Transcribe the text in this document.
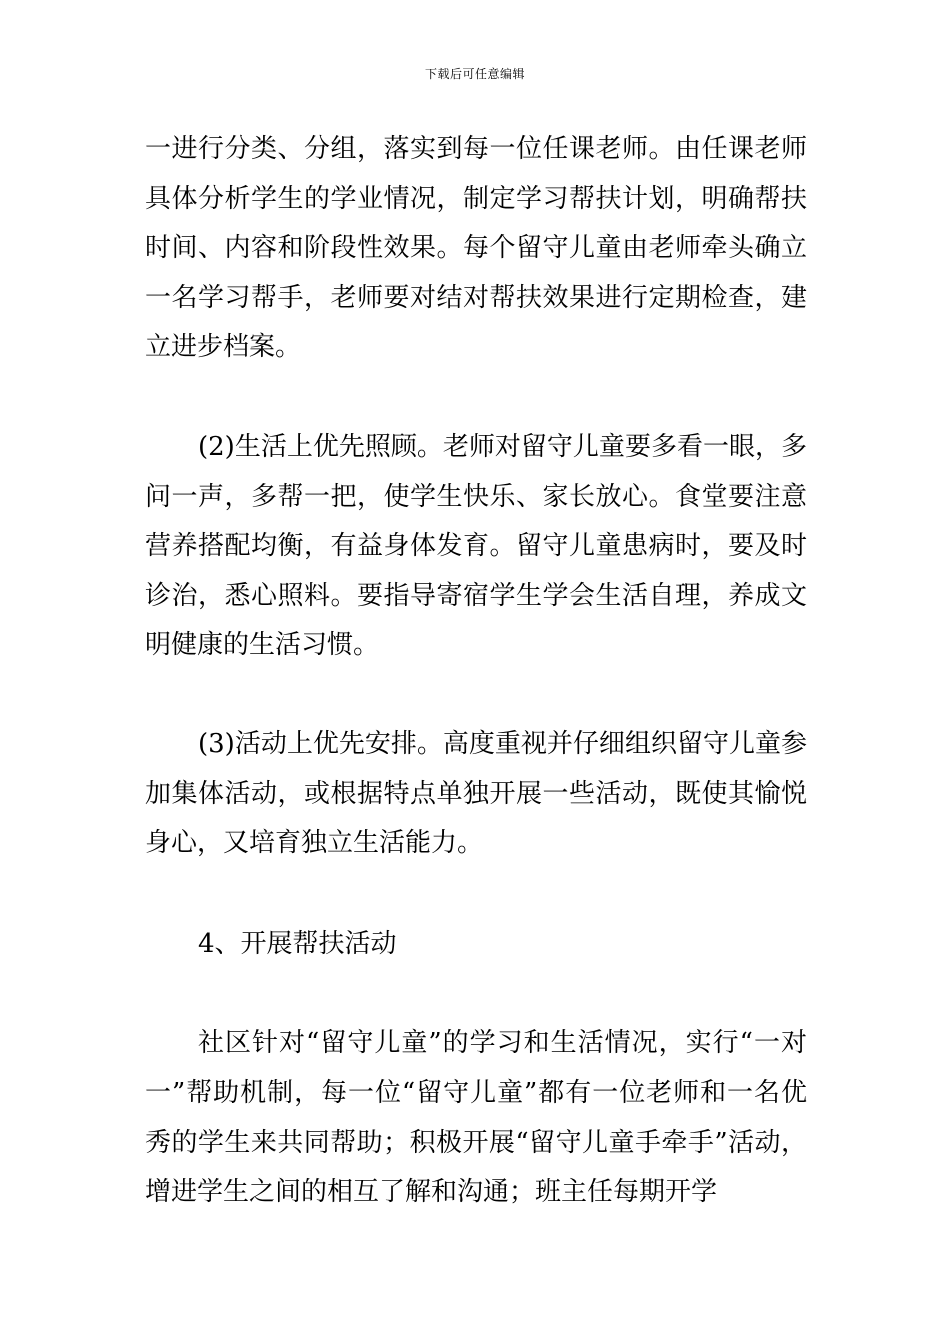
下载后可任意编辑

一进行分类、分组，落实到每一位任课老师。由任课老师具体分析学生的学业情况，制定学习帮扶计划，明确帮扶时间、内容和阶段性效果。每个留守儿童由老师牵头确立一名学习帮手，老师要对结对帮扶效果进行定期检查，建立进步档案。

(2)生活上优先照顾。老师对留守儿童要多看一眼，多问一声，多帮一把，使学生快乐、家长放心。食堂要注意营养搭配均衡，有益身体发育。留守儿童患病时，要及时诊治，悉心照料。要指导寄宿学生学会生活自理，养成文明健康的生活习惯。

(3)活动上优先安排。高度重视并仔细组织留守儿童参加集体活动，或根据特点单独开展一些活动，既使其愉悦身心，又培育独立生活能力。

4、开展帮扶活动

社区针对“留守儿童”的学习和生活情况，实行“一对一”帮助机制，每一位“留守儿童”都有一位老师和一名优秀的学生来共同帮助；积极开展“留守儿童手牵手”活动，增进学生之间的相互了解和沟通；班主任每期开学
